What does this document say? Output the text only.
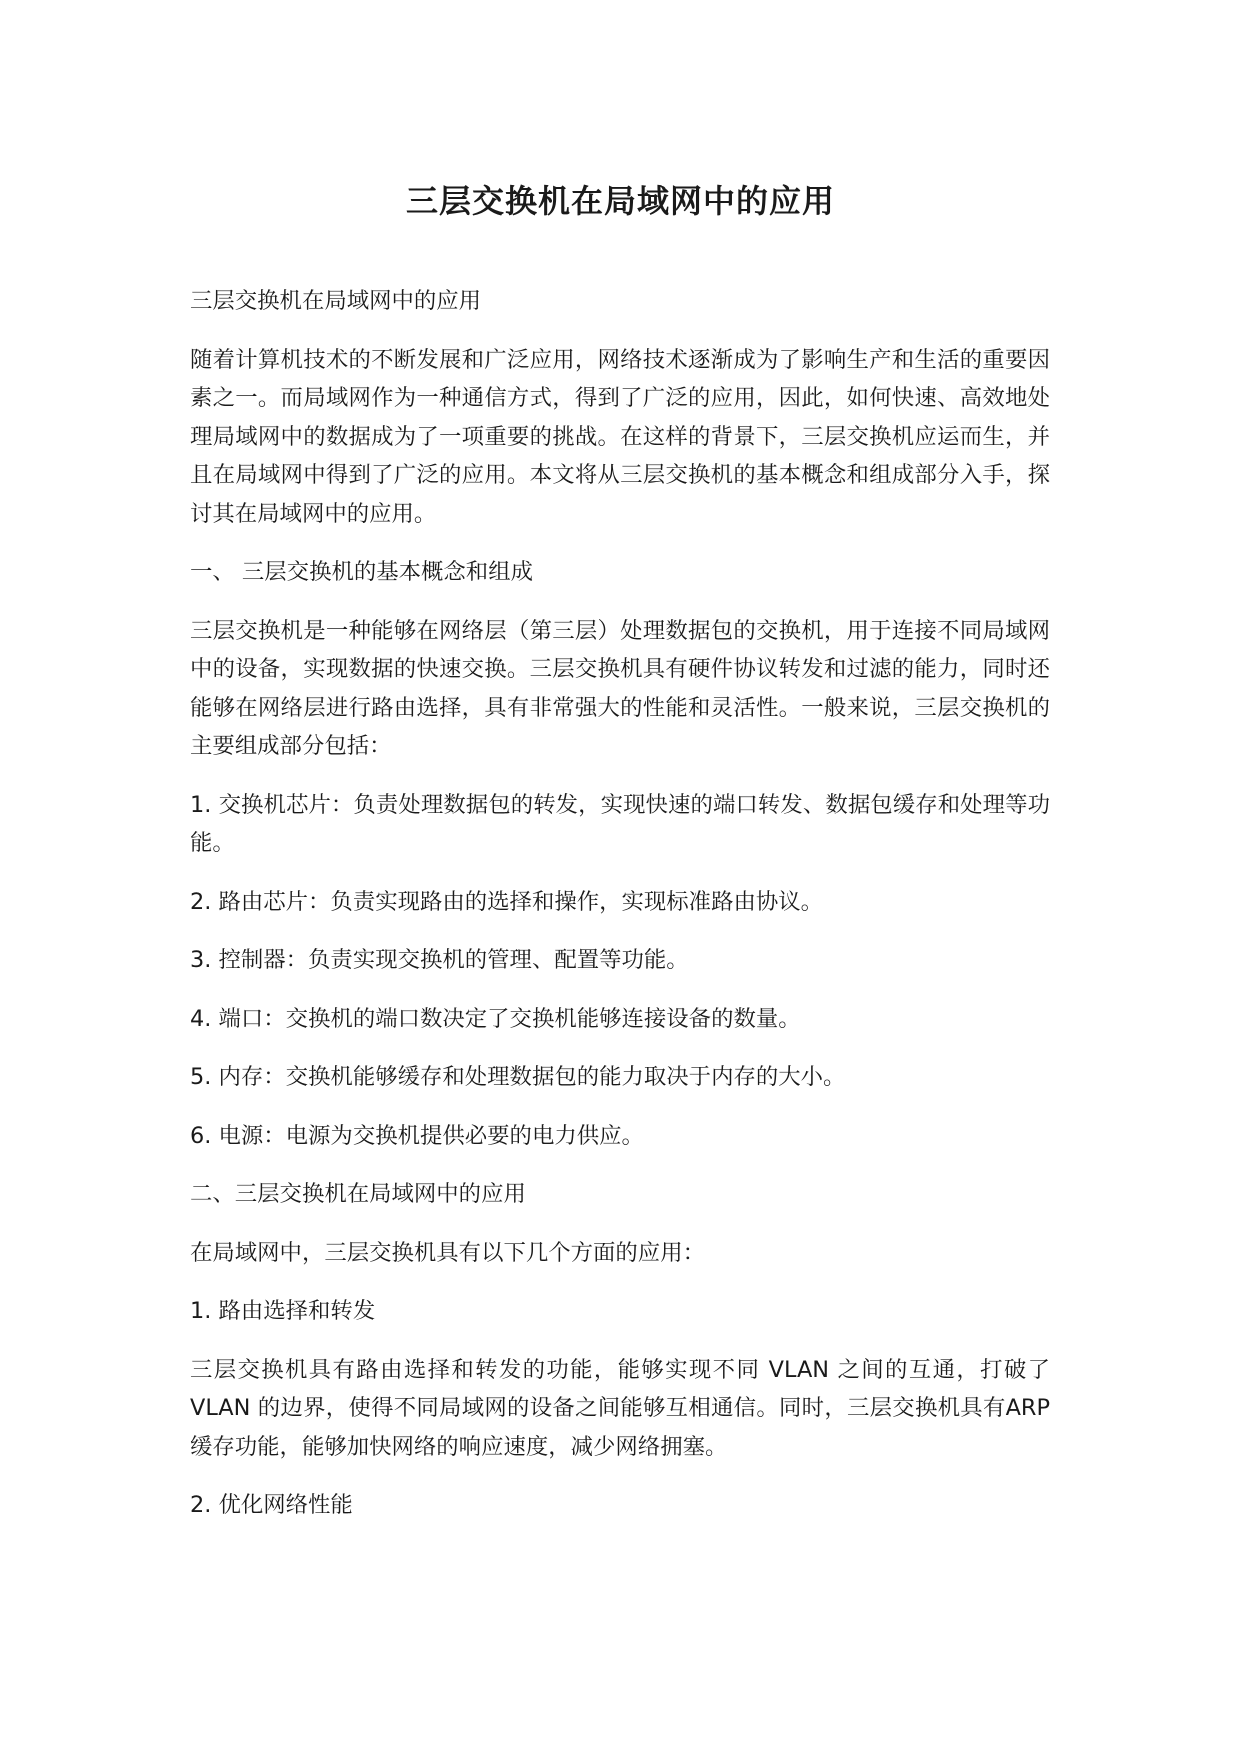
三层交换机在局域网中的应用

三层交换机在局域网中的应用

随着计算机技术的不断发展和广泛应用，网络技术逐渐成为了影响生产和生活的重要因素之一。而局域网作为一种通信方式，得到了广泛的应用，因此，如何快速、高效地处理局域网中的数据成为了一项重要的挑战。在这样的背景下，三层交换机应运而生，并且在局域网中得到了广泛的应用。本文将从三层交换机的基本概念和组成部分入手，探讨其在局域网中的应用。

一、 三层交换机的基本概念和组成

三层交换机是一种能够在网络层（第三层）处理数据包的交换机，用于连接不同局域网中的设备，实现数据的快速交换。三层交换机具有硬件协议转发和过滤的能力，同时还能够在网络层进行路由选择，具有非常强大的性能和灵活性。一般来说，三层交换机的主要组成部分包括：

1. 交换机芯片：负责处理数据包的转发，实现快速的端口转发、数据包缓存和处理等功能。

2. 路由芯片：负责实现路由的选择和操作，实现标准路由协议。

3. 控制器：负责实现交换机的管理、配置等功能。

4. 端口：交换机的端口数决定了交换机能够连接设备的数量。

5. 内存：交换机能够缓存和处理数据包的能力取决于内存的大小。

6. 电源：电源为交换机提供必要的电力供应。

二、三层交换机在局域网中的应用

在局域网中，三层交换机具有以下几个方面的应用：

1. 路由选择和转发

三层交换机具有路由选择和转发的功能，能够实现不同 VLAN 之间的互通，打破了VLAN 的边界，使得不同局域网的设备之间能够互相通信。同时，三层交换机具有ARP 缓存功能，能够加快网络的响应速度，减少网络拥塞。

2. 优化网络性能
